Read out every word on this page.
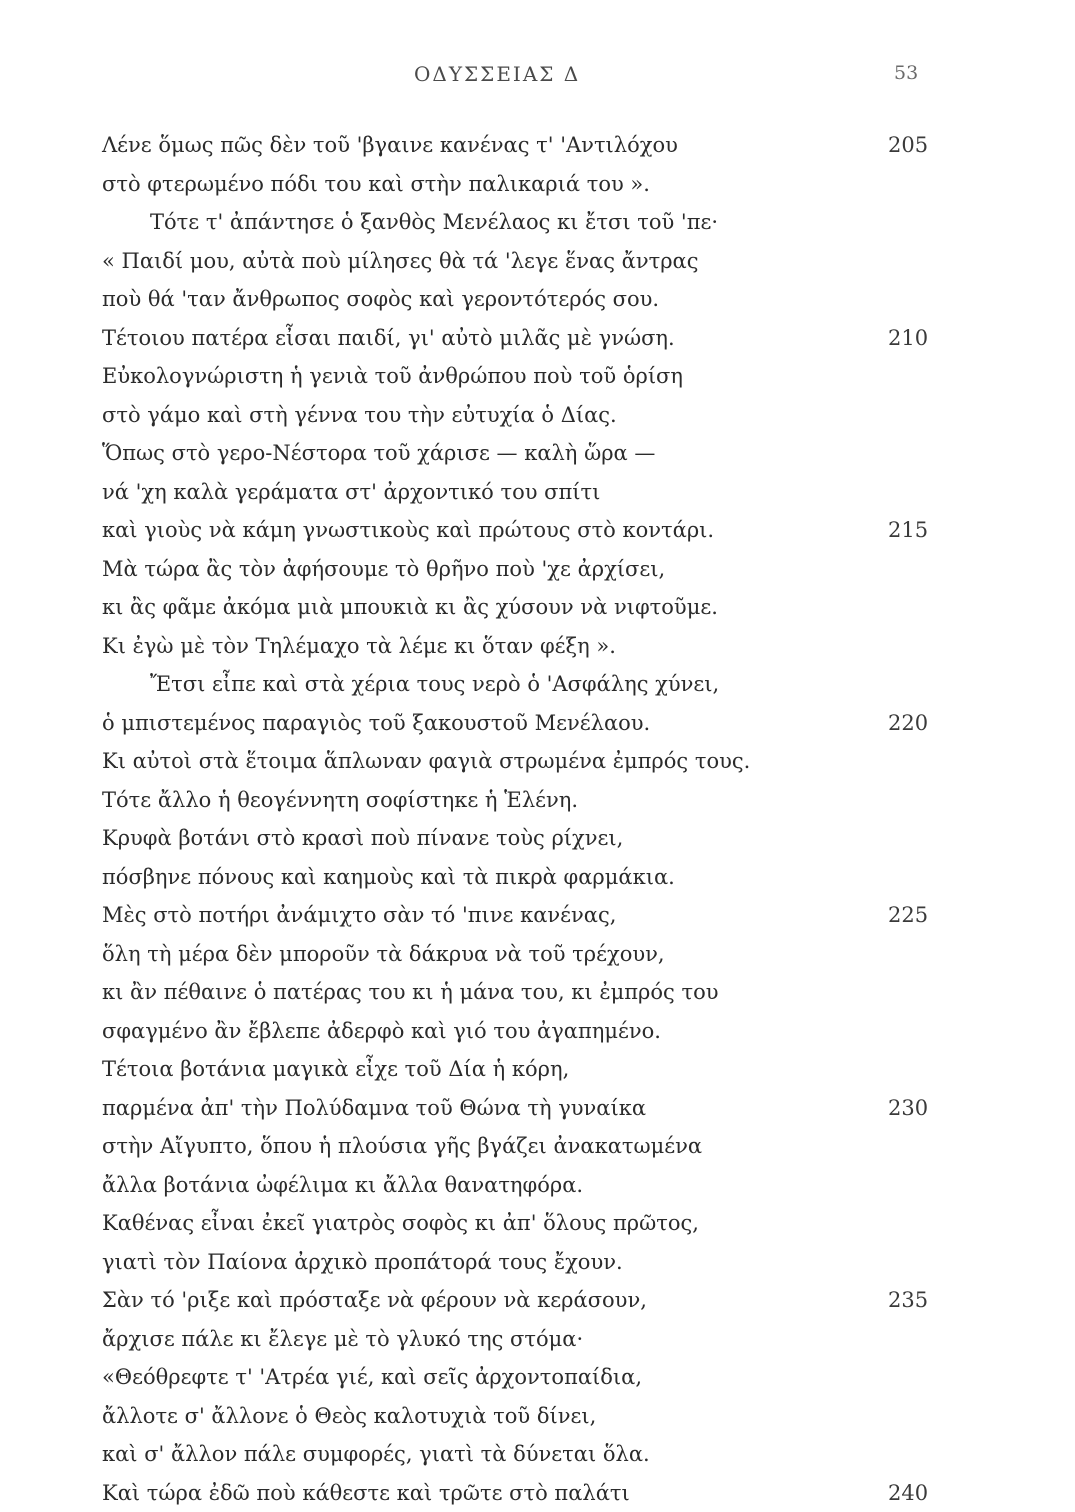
ΟΔΥΣΣΕΙΑΣ Δ	53
Λένε ὅμως πῶς δὲν τοῦ 'βγαινε κανένας τ' 'Αντιλόχου	205
στὸ φτερωμένο πόδι του καὶ στὴν παλικαριά του ».
Τότε τ' ἀπάντησε ὁ ξανθὸς Μενέλαος κι ἔτσι τοῦ 'πε·
« Παιδί μου, αὐτὰ ποὺ μίλησες θὰ τά 'λεγε ἕνας ἄντρας
ποὺ θά 'ταν ἄνθρωπος σοφὸς καὶ γεροντότερός σου.
Τέτοιου πατέρα εἶσαι παιδί, γι' αὐτὸ μιλᾶς μὲ γνώση.	210
Εὐκολογνώριστη ἡ γενιὰ τοῦ ἀνθρώπου ποὺ τοῦ ὁρίση
στὸ γάμο καὶ στὴ γέννα του τὴν εὐτυχία ὁ Δίας.
Ὅπως στὸ γερο-Νέστορα τοῦ χάρισε — καλὴ ὥρα —
νά 'χη καλὰ γεράματα στ' ἀρχοντικό του σπίτι
καὶ γιοὺς νὰ κάμη γνωστικοὺς καὶ πρώτους στὸ κοντάρι.	215
Μὰ τώρα ἂς τὸν ἀφήσουμε τὸ θρῆνο ποὺ 'χε ἀρχίσει,
κι ἂς φᾶμε ἀκόμα μιὰ μπουκιὰ κι ἂς χύσουν νὰ νιφτοῦμε.
Κι ἐγὼ μὲ τὸν Τηλέμαχο τὰ λέμε κι ὅταν φέξη ».
Ἔτσι εἶπε καὶ στὰ χέρια τους νερὸ ὁ 'Ασφάλης χύνει,
ὁ μπιστεμένος παραγιὸς τοῦ ξακουστοῦ Μενέλαου.	220
Κι αὐτοὶ στὰ ἕτοιμα ἅπλωναν φαγιὰ στρωμένα ἐμπρός τους.
Τότε ἄλλο ἡ θεογέννητη σοφίστηκε ἡ Ἑλένη.
Κρυφὰ βοτάνι στὸ κρασὶ ποὺ πίνανε τοὺς ρίχνει,
πόσβηνε πόνους καὶ καημοὺς καὶ τὰ πικρὰ φαρμάκια.
Μὲς στὸ ποτήρι ἀνάμιχτο σὰν τό 'πινε κανένας,	225
ὅλη τὴ μέρα δὲν μποροῦν τὰ δάκρυα νὰ τοῦ τρέχουν,
κι ἂν πέθαινε ὁ πατέρας του κι ἡ μάνα του, κι ἐμπρός του
σφαγμένο ἂν ἔβλεπε ἀδερφὸ καὶ γιό του ἀγαπημένο.
Τέτοια βοτάνια μαγικὰ εἶχε τοῦ Δία ἡ κόρη,
παρμένα ἀπ' τὴν Πολύδαμνα τοῦ Θώνα τὴ γυναίκα	230
στὴν Αἴγυπτο, ὅπου ἡ πλούσια γῆς βγάζει ἀνακατωμένα
ἄλλα βοτάνια ὠφέλιμα κι ἄλλα θανατηφόρα.
Καθένας εἶναι ἐκεῖ γιατρὸς σοφὸς κι ἀπ' ὅλους πρῶτος,
γιατὶ τὸν Παίονα ἀρχικὸ προπάτορά τους ἔχουν.
Σὰν τό 'ριξε καὶ πρόσταξε νὰ φέρουν νὰ κεράσουν,	235
ἄρχισε πάλε κι ἔλεγε μὲ τὸ γλυκό της στόμα·
«Θεόθρεφτε τ' 'Ατρέα γιέ, καὶ σεῖς ἀρχοντοπαίδια,
ἄλλοτε σ' ἄλλονε ὁ Θεὸς καλοτυχιὰ τοῦ δίνει,
καὶ σ' ἄλλον πάλε συμφορές, γιατὶ τὰ δύνεται ὅλα.
Καὶ τώρα ἐδῶ ποὺ κάθεστε καὶ τρῶτε στὸ παλάτι	240
